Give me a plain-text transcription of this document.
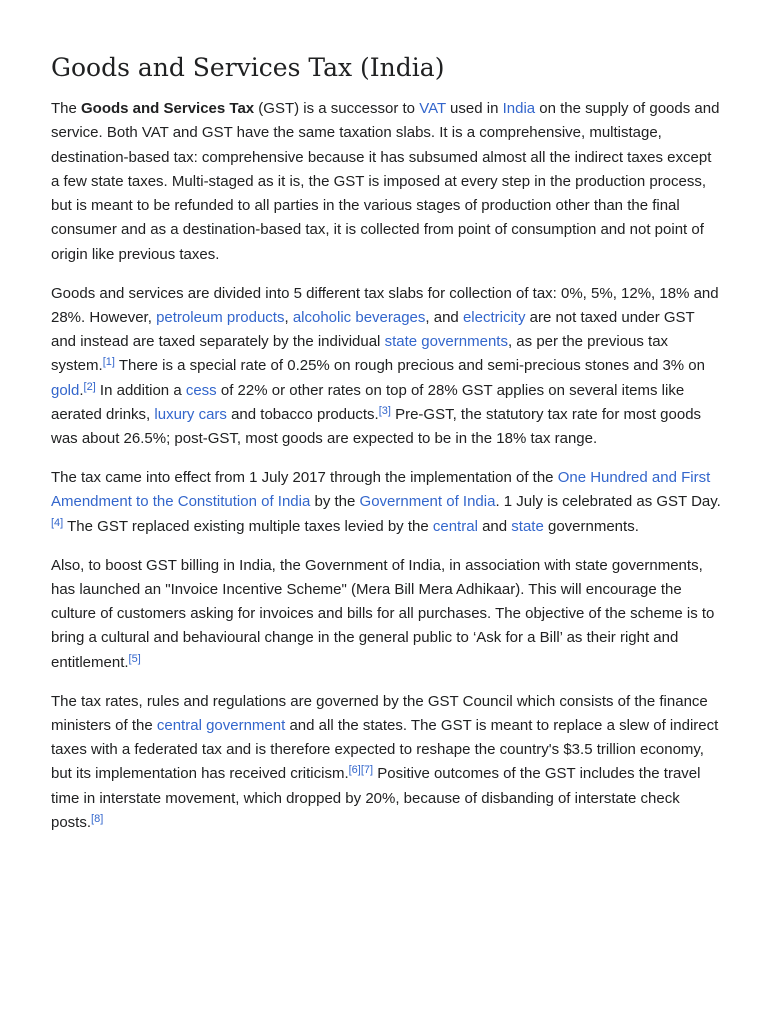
Goods and Services Tax (India)

The Goods and Services Tax (GST) is a successor to VAT used in India on the supply of goods and service. Both VAT and GST have the same taxation slabs. It is a comprehensive, multistage, destination-based tax: comprehensive because it has subsumed almost all the indirect taxes except a few state taxes. Multi-staged as it is, the GST is imposed at every step in the production process, but is meant to be refunded to all parties in the various stages of production other than the final consumer and as a destination-based tax, it is collected from point of consumption and not point of origin like previous taxes.

Goods and services are divided into 5 different tax slabs for collection of tax: 0%, 5%, 12%, 18% and 28%. However, petroleum products, alcoholic beverages, and electricity are not taxed under GST and instead are taxed separately by the individual state governments, as per the previous tax system.[1] There is a special rate of 0.25% on rough precious and semi-precious stones and 3% on gold.[2] In addition a cess of 22% or other rates on top of 28% GST applies on several items like aerated drinks, luxury cars and tobacco products.[3] Pre-GST, the statutory tax rate for most goods was about 26.5%; post-GST, most goods are expected to be in the 18% tax range.

The tax came into effect from 1 July 2017 through the implementation of the One Hundred and First Amendment to the Constitution of India by the Government of India. 1 July is celebrated as GST Day.[4] The GST replaced existing multiple taxes levied by the central and state governments.

Also, to boost GST billing in India, the Government of India, in association with state governments, has launched an "Invoice Incentive Scheme" (Mera Bill Mera Adhikaar). This will encourage the culture of customers asking for invoices and bills for all purchases. The objective of the scheme is to bring a cultural and behavioural change in the general public to ‘Ask for a Bill’ as their right and entitlement.[5]

The tax rates, rules and regulations are governed by the GST Council which consists of the finance ministers of the central government and all the states. The GST is meant to replace a slew of indirect taxes with a federated tax and is therefore expected to reshape the country's $3.5 trillion economy, but its implementation has received criticism.[6][7] Positive outcomes of the GST includes the travel time in interstate movement, which dropped by 20%, because of disbanding of interstate check posts.[8]
